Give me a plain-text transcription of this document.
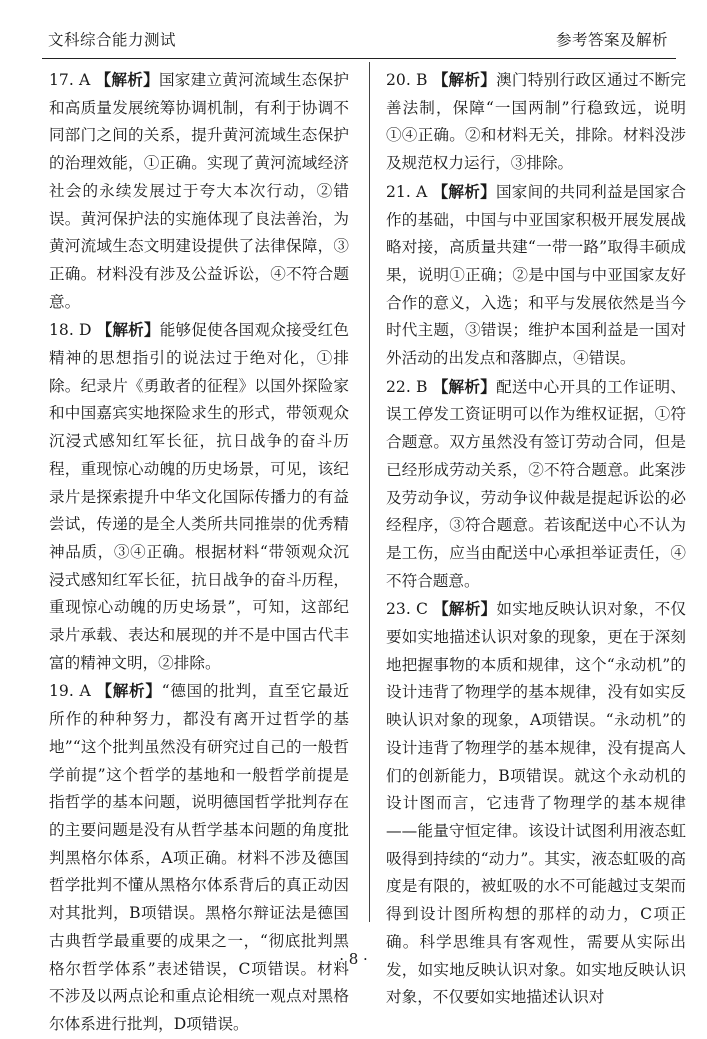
文科综合能力测试	参考答案及解析

17. A 【解析】国家建立黄河流域生态保护和高质量发展统筹协调机制，有利于协调不同部门之间的关系，提升黄河流域生态保护的治理效能，①正确。实现了黄河流域经济社会的永续发展过于夸大本次行动，②错误。黄河保护法的实施体现了良法善治，为黄河流域生态文明建设提供了法律保障，③正确。材料没有涉及公益诉讼，④不符合题意。

18. D 【解析】能够促使各国观众接受红色精神的思想指引的说法过于绝对化，①排除。纪录片《勇敢者的征程》以国外探险家和中国嘉宾实地探险求生的形式，带领观众沉浸式感知红军长征，抗日战争的奋斗历程，重现惊心动魄的历史场景，可见，该纪录片是探索提升中华文化国际传播力的有益尝试，传递的是全人类所共同推崇的优秀精神品质，③④正确。根据材料“带领观众沉浸式感知红军长征，抗日战争的奋斗历程，重现惊心动魄的历史场景”，可知，这部纪录片承载、表达和展现的并不是中国古代丰富的精神文明，②排除。

19. A 【解析】“德国的批判，直至它最近所作的种种努力，都没有离开过哲学的基地”“这个批判虽然没有研究过自己的一般哲学前提”这个哲学的基地和一般哲学前提是指哲学的基本问题，说明德国哲学批判存在的主要问题是没有从哲学基本问题的角度批判黑格尔体系，A项正确。材料不涉及德国哲学批判不懂从黑格尔体系背后的真正动因对其批判，B项错误。黑格尔辩证法是德国古典哲学最重要的成果之一，“彻底批判黑格尔哲学体系”表述错误，C项错误。材料不涉及以两点论和重点论相统一观点对黑格尔体系进行批判，D项错误。

20. B 【解析】澳门特别行政区通过不断完善法制，保障“一国两制”行稳致远，说明①④正确。②和材料无关，排除。材料没涉及规范权力运行，③排除。

21. A 【解析】国家间的共同利益是国家合作的基础，中国与中亚国家积极开展发展战略对接，高质量共建“一带一路”取得丰硕成果，说明①正确；②是中国与中亚国家友好合作的意义，入选；和平与发展依然是当今时代主题，③错误；维护本国利益是一国对外活动的出发点和落脚点，④错误。

22. B 【解析】配送中心开具的工作证明、误工停发工资证明可以作为维权证据，①符合题意。双方虽然没有签订劳动合同，但是已经形成劳动关系，②不符合题意。此案涉及劳动争议，劳动争议仲裁是提起诉讼的必经程序，③符合题意。若该配送中心不认为是工伤，应当由配送中心承担举证责任，④不符合题意。

23. C 【解析】如实地反映认识对象，不仅要如实地描述认识对象的现象，更在于深刻地把握事物的本质和规律，这个“永动机”的设计违背了物理学的基本规律，没有如实反映认识对象的现象，A项错误。“永动机”的设计违背了物理学的基本规律，没有提高人们的创新能力，B项错误。就这个永动机的设计图而言，它违背了物理学的基本规律——能量守恒定律。该设计试图利用液态虹吸得到持续的“动力”。其实，液态虹吸的高度是有限的，被虹吸的水不可能越过支架而得到设计图所构想的那样的动力，C项正确。科学思维具有客观性，需要从实际出发，如实地反映认识对象。如实地反映认识对象，不仅要如实地描述认识对

· 8 ·
